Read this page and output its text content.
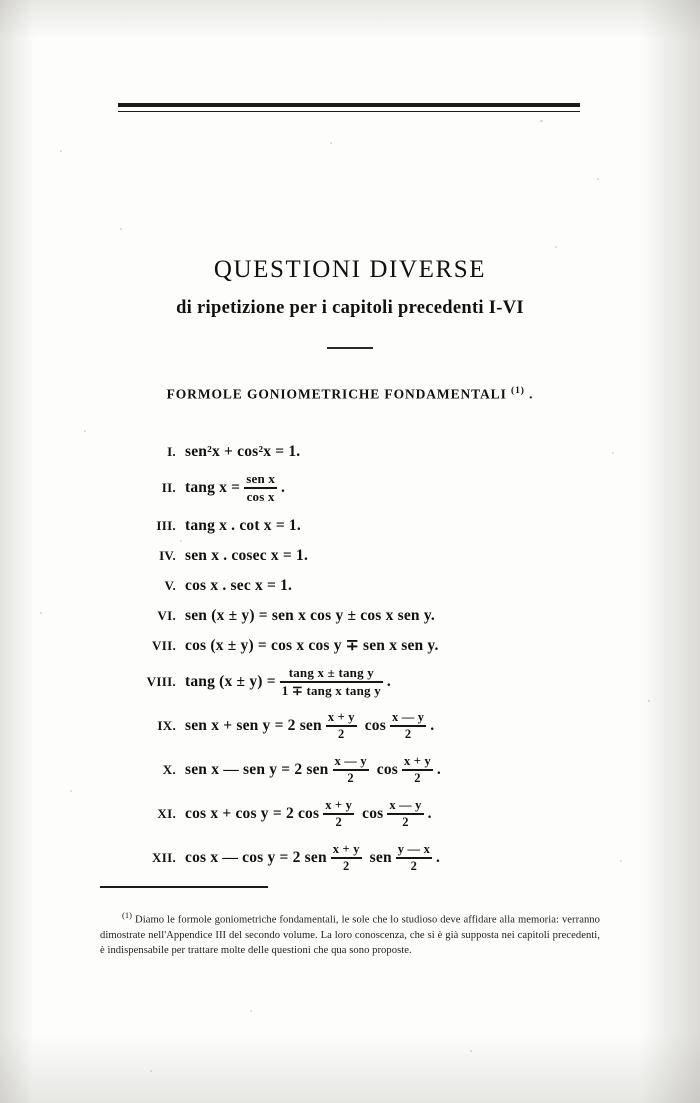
QUESTIONI DIVERSE
di ripetizione per i capitoli precedenti I-VI
FORMOLE GONIOMETRICHE FONDAMENTALI $^{(1)}$ .
I. sen²x + cos²x = 1.
II. tang $x = \frac{\text{sen x}}{\text{cos x}}$ .
III. tang x . cot x = 1.
IV. sen x . cosec x = 1.
V. cos x . sec x = 1.
VI. sen (x ± y) = sen x cos y ± cos x sen y.
VII. cos (x ± y) = cos x cos y ∓ sen x sen y.
VIII. tang $(x \pm y) = \frac{\text{tang x ± tang y}}{\text{1 ∓ tang x tang y}}$ .
IX. sen x + sen y = 2 sen $\frac{x + y}{2}$ $\cos \frac{x — y}{2}$ .
X. sen x — sen y = 2 sen $\frac{x — y}{2}$ $\cos \frac{x + y}{2}$ .
XI. cos x + cos y = 2 $\cos \frac{x + y}{2}$ $\cos \frac{x — y}{2}$ .
XII. cos x — cos y = 2 sen $\frac{x + y}{2}$ sen $\frac{y — x}{2}$ .
$^{(1)}$ Diamo le formole goniometriche fondamentali, le sole che lo studioso deve affidare alla memoria: verranno dimostrate nell'Appendice III del secondo volume. La loro conoscenza, che si è già supposta nei capitoli precedenti, è indispensabile per trattare molte delle questioni che qua sono proposte.
